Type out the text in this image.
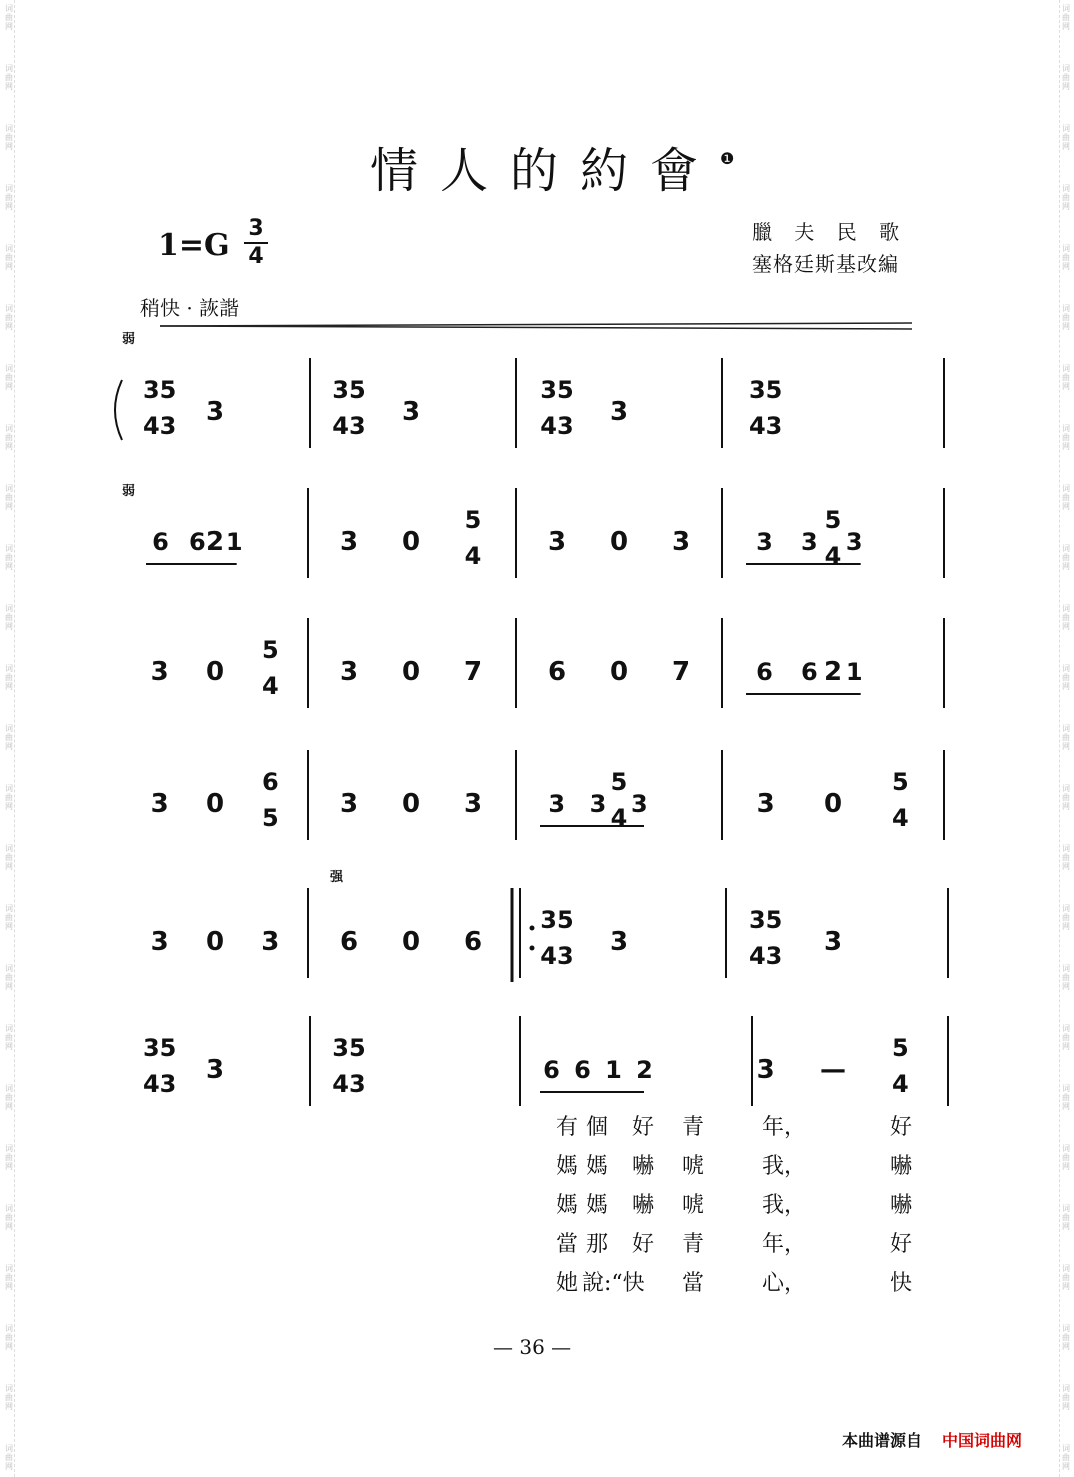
情人的約會$^❶$
1=G 3
4
臘 夫 民 歌
塞格廷斯基改編
稍快 · 詼諧
弱
弱
强
35
43 3
35
43 3
35
43 3
35
43
6 6 1
2	3 0
5
4	3 0 3	3 3 3
5
4
3 0
5
4 3 0 7	6 0 7	6 6 1
2
3 0
6
5 3 0 3	3 3 3
5
4	3 0
5
4
3 0 3 6 0 6
35
43 3
35
43 3
35
43 3
35
43	6 6 1 2	3 —
5
4
有 個 好 青	年，	好
媽 媽 嚇 唬	我，	嚇
媽 媽 嚇 唬	我，	嚇
當 那 好 青	年，	好
她 說:“快 當	心，	快
— 36 —
本曲谱源自 中国词曲网
词
曲
网
词
曲
网
词
曲
网
词
曲
网
词
曲
网
词
曲
网
词
曲
网
词
曲
网
词
曲
网
词
曲
网
词
曲
网
词
曲
网
词
曲
网
词
曲
网
词
曲
网
词
曲
网
词
曲
网
词
曲
网
词
曲
网
词
曲
网
词
曲
网
词
曲
网
词
曲
网
词
曲
网
词
曲
网
词
曲
网
词
曲
网
词
曲
网
词
曲
网
词
曲
网
词
曲
网
词
曲
网
词
曲
网
词
曲
网
词
曲
网
词
曲
网
词
曲
网
词
曲
网
词
曲
网
词
曲
网
词
曲
网
词
曲
网
词
曲
网
词
曲
网
词
曲
网
词
曲
网
词
曲
网
词
曲
网
词
曲
网
词
曲
网
